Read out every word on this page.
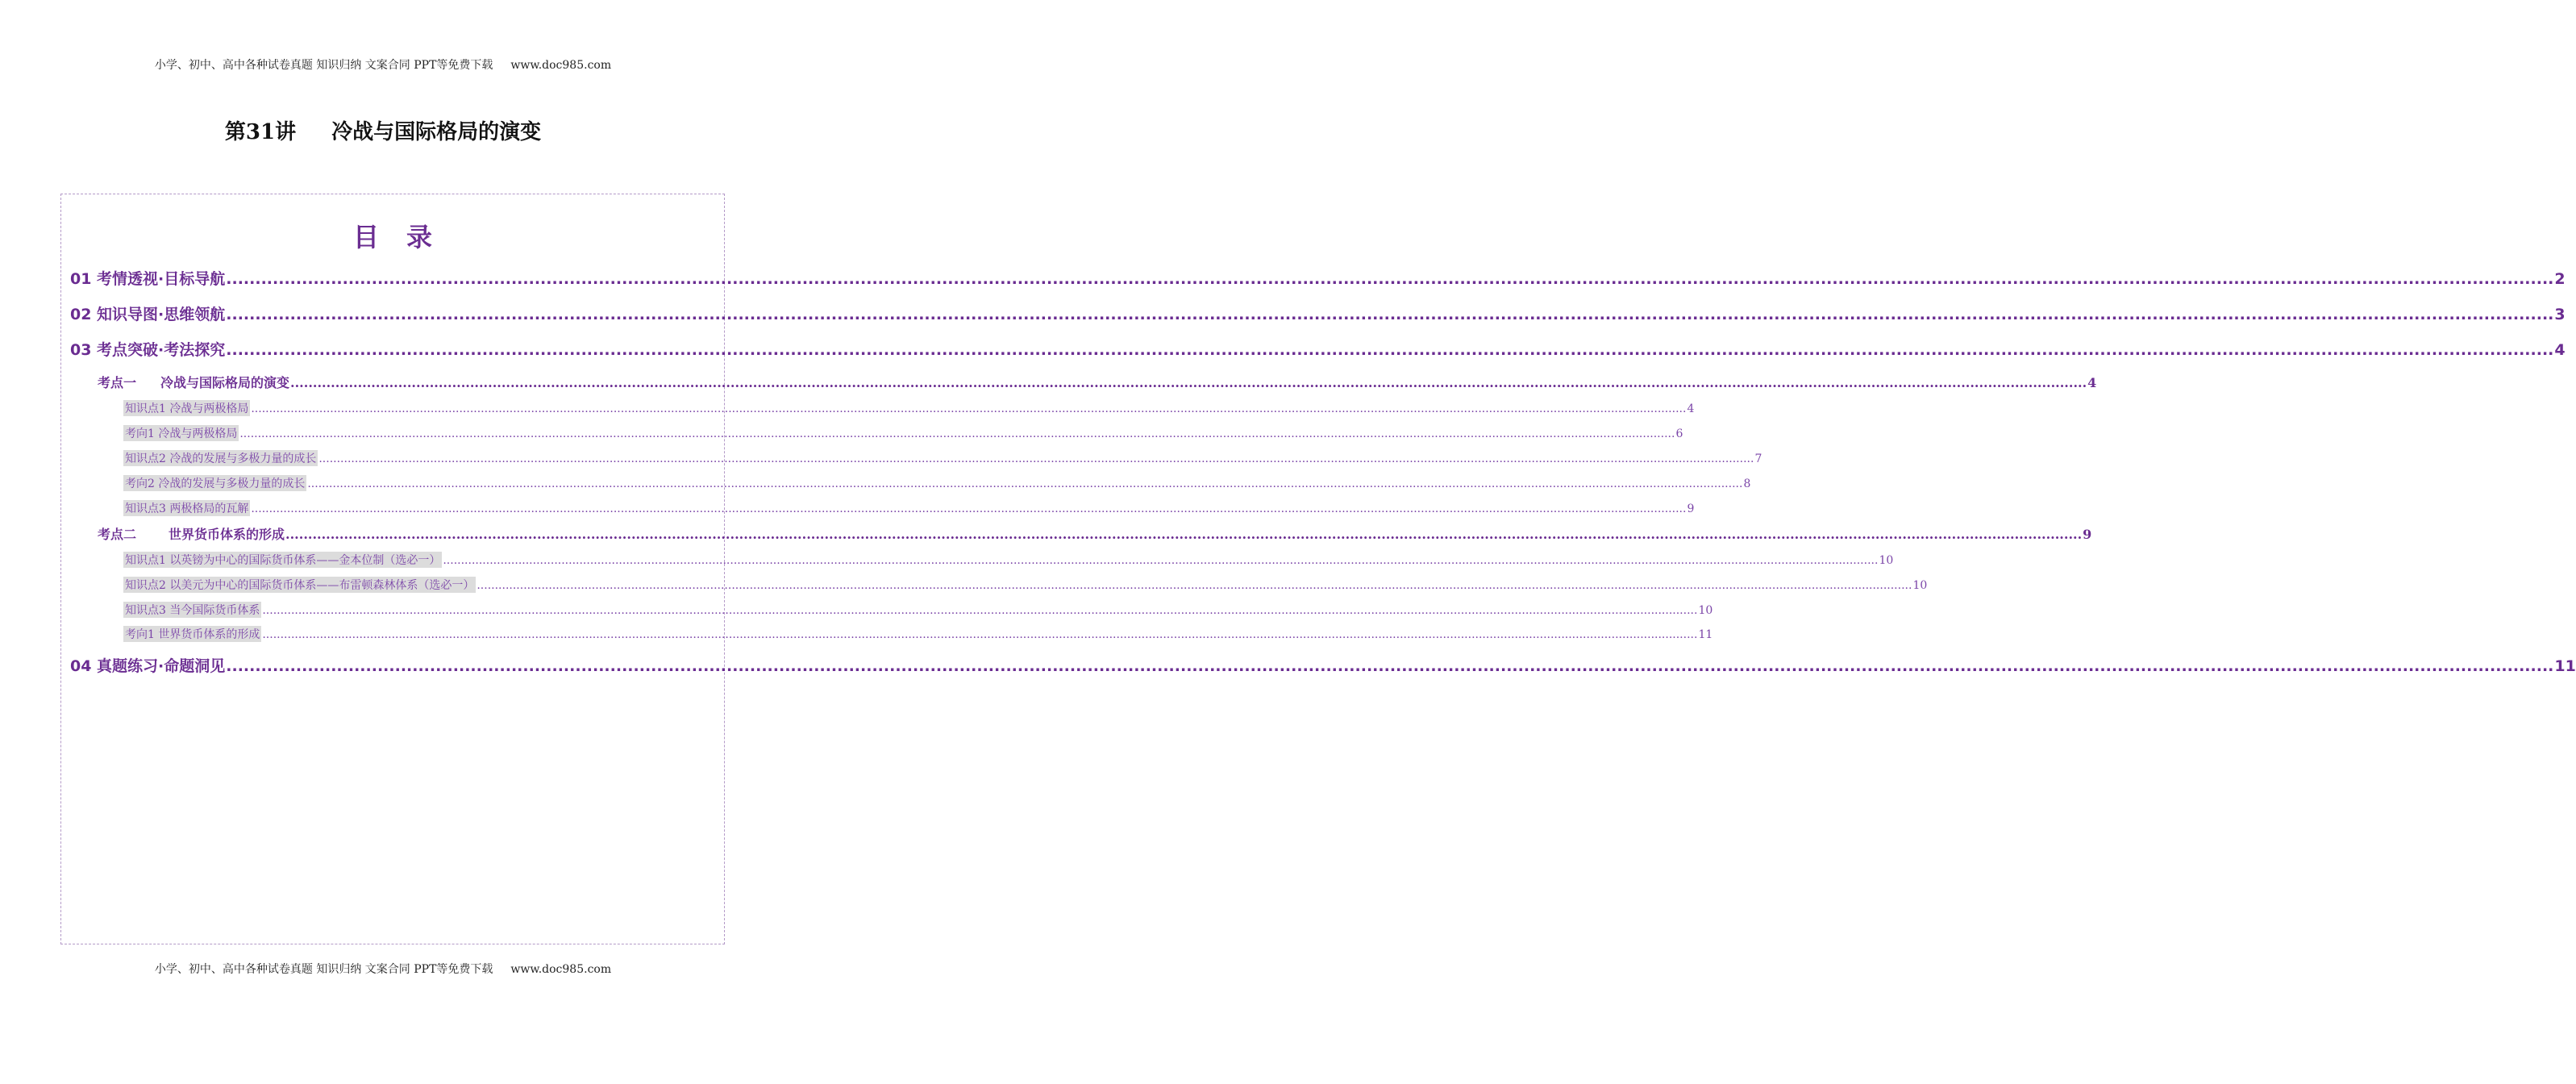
小学、初中、高中各种试卷真题 知识归纳 文案合同 PPT等免费下载 www.doc985.com
第31讲 冷战与国际格局的演变
目 录
01 考情透视·目标导航 ................................................................................................................................................................................................................................................................................................................................................................................................................ 2
02 知识导图·思维领航 ................................................................................................................................................................................................................................................................................................................................................................................................................ 3
03 考点突破·考法探究 ................................................................................................................................................................................................................................................................................................................................................................................................................ 4
考点一 冷战与国际格局的演变 ................................................................................................................................................................................................................................................................................................................................................................................................................ 4
知识点1 冷战与两极格局 ................................................................................................................................................................................................................................................................................................................................................................................................................ 4
考向1 冷战与两极格局 ................................................................................................................................................................................................................................................................................................................................................................................................................ 6
知识点2 冷战的发展与多极力量的成长 ................................................................................................................................................................................................................................................................................................................................................................................................................ 7
考向2 冷战的发展与多极力量的成长 ................................................................................................................................................................................................................................................................................................................................................................................................................ 8
知识点3 两极格局的瓦解 ................................................................................................................................................................................................................................................................................................................................................................................................................ 9
考点二	世界货币体系的形成 ................................................................................................................................................................................................................................................................................................................................................................................................................ 9
知识点1 以英镑为中心的国际货币体系——金本位制（选必一） ................................................................................................................................................................................................................................................................................................................................................................................................................ 10
知识点2 以美元为中心的国际货币体系——布雷顿森林体系（选必一） ................................................................................................................................................................................................................................................................................................................................................................................................................ 10
知识点3 当今国际货币体系 ................................................................................................................................................................................................................................................................................................................................................................................................................ 10
考向1 世界货币体系的形成 ................................................................................................................................................................................................................................................................................................................................................................................................................ 11
04 真题练习·命题洞见 ................................................................................................................................................................................................................................................................................................................................................................................................................ 11
小学、初中、高中各种试卷真题 知识归纳 文案合同 PPT等免费下载 www.doc985.com
